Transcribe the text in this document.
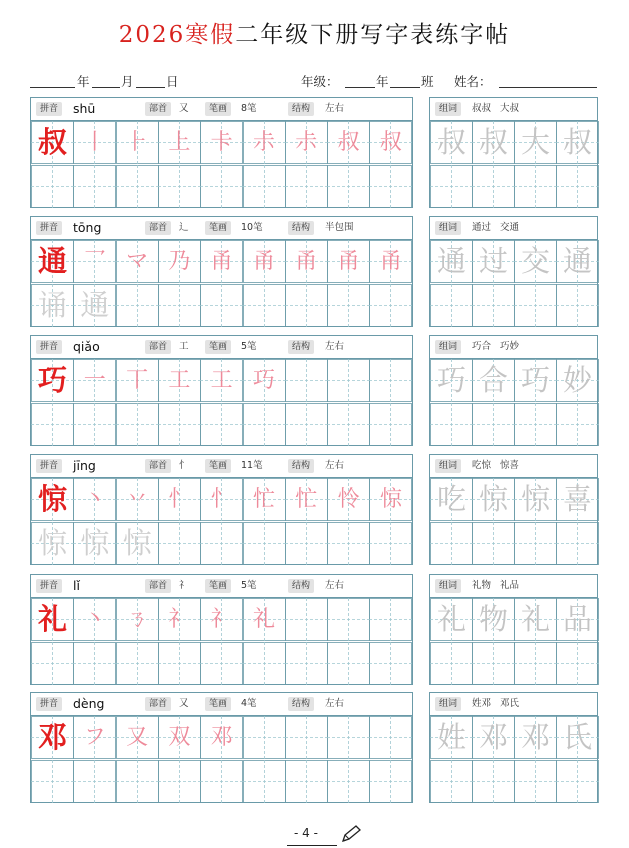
2026寒假二年级下册写字表练字帖
年	月	日	年级：	年	班 姓名：
拼音	shū	部首	又	笔画	8笔	结构	左右
叔 丨 ⺊ 上 卡 尗 尗 叔 叔
组词	叔叔   大叔
叔 叔 大 叔
拼音	tōng	部首	辶	笔画	10笔	结构	半包围
通 乛 マ 乃 甬 甬 甬 甬 甬
诵 通
组词	通过   交通
通 过 交 通
拼音	qiǎo	部首	工	笔画	5笔	结构	左右
巧 一 丅 工 工 巧
组词	巧合   巧妙
巧 合 巧 妙
拼音	jīng	部首	忄	笔画	11笔	结构	左右
惊 丶 丷 忄 忄 忙 忙 怜 惊
惊 惊 惊
组词	吃惊   惊喜
吃 惊 惊 喜
拼音	lǐ	部首	礻	笔画	5笔	结构	左右
礼 丶 ㄋ 礻 礻 礼
组词	礼物   礼品
礼 物 礼 品
拼音	dèng	部首	又	笔画	4笔	结构	左右
邓 フ 又 双 邓
组词	姓邓   邓氏
姓 邓 邓 氏
- 4 -
